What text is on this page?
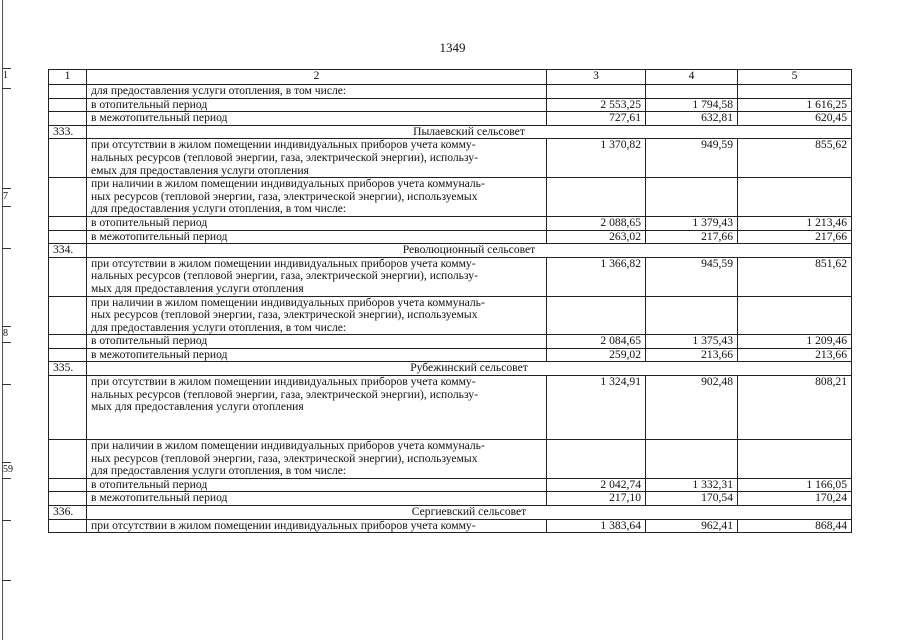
1
7
8
59
1349
1	2	3	4	5

	для предоставления услуги отопления, в том числе:			

	в отопительный период	2 553,25	1 794,58	1 616,25

	в межотопительный период	727,61	632,81	620,45
333.	Пылаевский сельсовет			

	при отсутствии в жилом помещении индивидуальных приборов учета комму-
нальных ресурсов (тепловой энергии, газа, электрической энергии), использу-
емых для предоставления услуги отопления	1 370,82	949,59	855,62

	при наличии в жилом помещении индивидуальных приборов учета коммуналь-
ных ресурсов (тепловой энергии, газа, электрической энергии), используемых
для предоставления услуги отопления, в том числе:			

	в отопительный период	2 088,65	1 379,43	1 213,46

	в межотопительный период	263,02	217,66	217,66
334.	Революционный сельсовет			

	при отсутствии в жилом помещении индивидуальных приборов учета комму-
нальных ресурсов (тепловой энергии, газа, электрической энергии), использу-
мых для предоставления услуги отопления	1 366,82	945,59	851,62

	при наличии в жилом помещении индивидуальных приборов учета коммуналь-
ных ресурсов (тепловой энергии, газа, электрической энергии), используемых
для предоставления услуги отопления, в том числе:			

	в отопительный период	2 084,65	1 375,43	1 209,46

	в межотопительный период	259,02	213,66	213,66
335.	Рубежинский сельсовет			

	при отсутствии в жилом помещении индивидуальных приборов учета комму-
нальных ресурсов (тепловой энергии, газа, электрической энергии), использу-
мых для предоставления услуги отопления	1 324,91	902,48	808,21

	при наличии в жилом помещении индивидуальных приборов учета коммуналь-
ных ресурсов (тепловой энергии, газа, электрической энергии), используемых
для предоставления услуги отопления, в том числе:			

	в отопительный период	2 042,74	1 332,31	1 166,05

	в межотопительный период	217,10	170,54	170,24
336.	Сергиевский сельсовет			

	при отсутствии в жилом помещении индивидуальных приборов учета комму-	1 383,64	962,41	868,44
